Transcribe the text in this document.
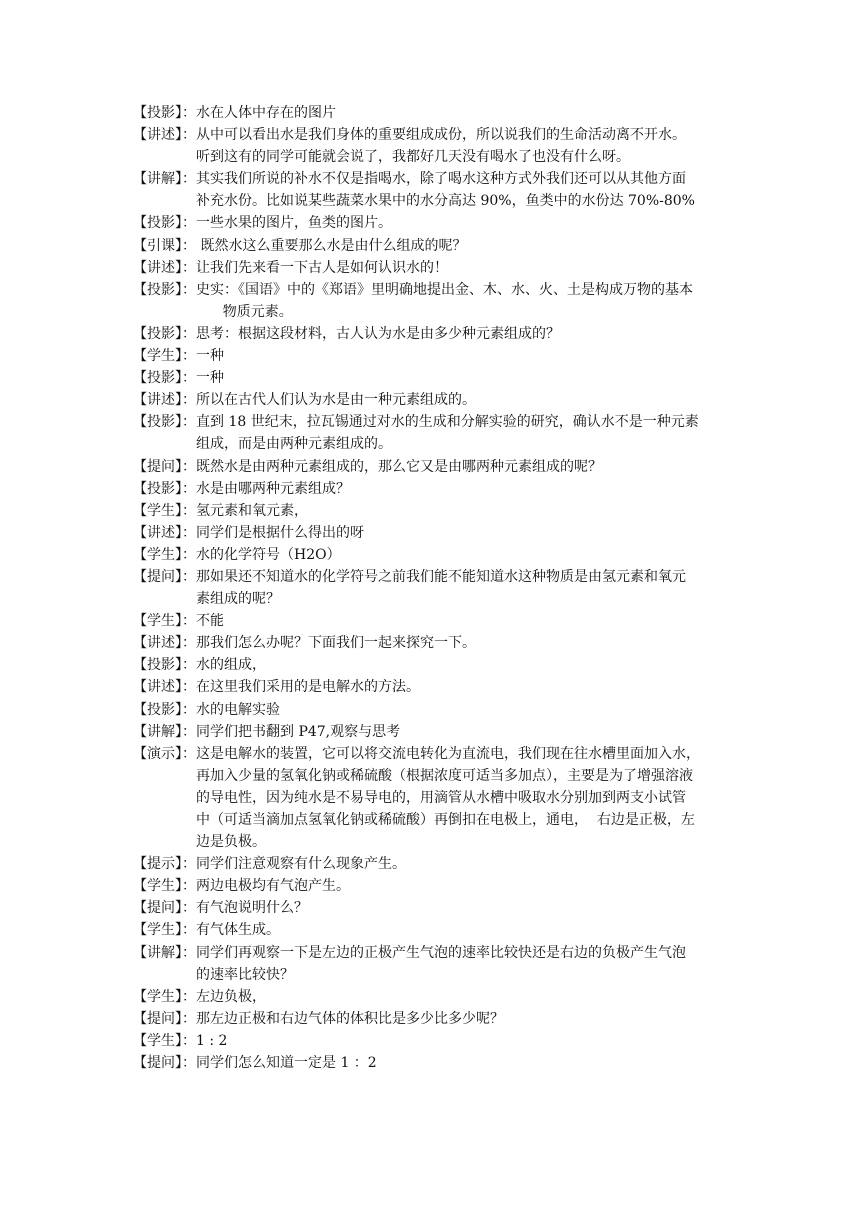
【投影】： 水在人体中存在的图片
【讲述】： 从中可以看出水是我们身体的重要组成成份，所以说我们的生命活动离不开水。
听到这有的同学可能就会说了，我都好几天没有喝水了也没有什么呀。
【讲解】： 其实我们所说的补水不仅是指喝水，除了喝水这种方式外我们还可以从其他方面
补充水份。比如说某些蔬菜水果中的水分高达 90%，鱼类中的水份达 70%-80%
【投影】： 一些水果的图片，鱼类的图片。
【引课】： 既然水这么重要那么水是由什么组成的呢？
【讲述】： 让我们先来看一下古人是如何认识水的！
【投影】： 史实：《国语》中的《郑语》里明确地提出金、木、水、火、土是构成万物的基本
物质元素。
【投影】： 思考：根据这段材料，古人认为水是由多少种元素组成的？
【学生】： 一种
【投影】： 一种
【讲述】： 所以在古代人们认为水是由一种元素组成的。
【投影】： 直到 18 世纪末，拉瓦锡通过对水的生成和分解实验的研究，确认水不是一种元素
组成，而是由两种元素组成的。
【提问】： 既然水是由两种元素组成的，那么它又是由哪两种元素组成的呢？
【投影】： 水是由哪两种元素组成？
【学生】： 氢元素和氧元素，
【讲述】： 同学们是根据什么得出的呀
【学生】： 水的化学符号（H2O）
【提问】： 那如果还不知道水的化学符号之前我们能不能知道水这种物质是由氢元素和氧元
素组成的呢？
【学生】： 不能
【讲述】： 那我们怎么办呢？下面我们一起来探究一下。
【投影】： 水的组成，
【讲述】： 在这里我们采用的是电解水的方法。
【投影】： 水的电解实验
【讲解】： 同学们把书翻到 P47,观察与思考
【演示】： 这是电解水的装置，它可以将交流电转化为直流电，我们现在往水槽里面加入水，
再加入少量的氢氧化钠或稀硫酸（根据浓度可适当多加点），主要是为了增强溶液
的导电性，因为纯水是不易导电的，用滴管从水槽中吸取水分别加到两支小试管
中（可适当滴加点氢氧化钠或稀硫酸）再倒扣在电极上，通电，  右边是正极，左
边是负极。
【提示】： 同学们注意观察有什么现象产生。
【学生】： 两边电极均有气泡产生。
【提问】： 有气泡说明什么？
【学生】： 有气体生成。
【讲解】： 同学们再观察一下是左边的正极产生气泡的速率比较快还是右边的负极产生气泡
的速率比较快？
【学生】： 左边负极，
【提问】： 那左边正极和右边气体的体积比是多少比多少呢？
【学生】： 1 : 2
【提问】： 同学们怎么知道一定是 1 ：2
